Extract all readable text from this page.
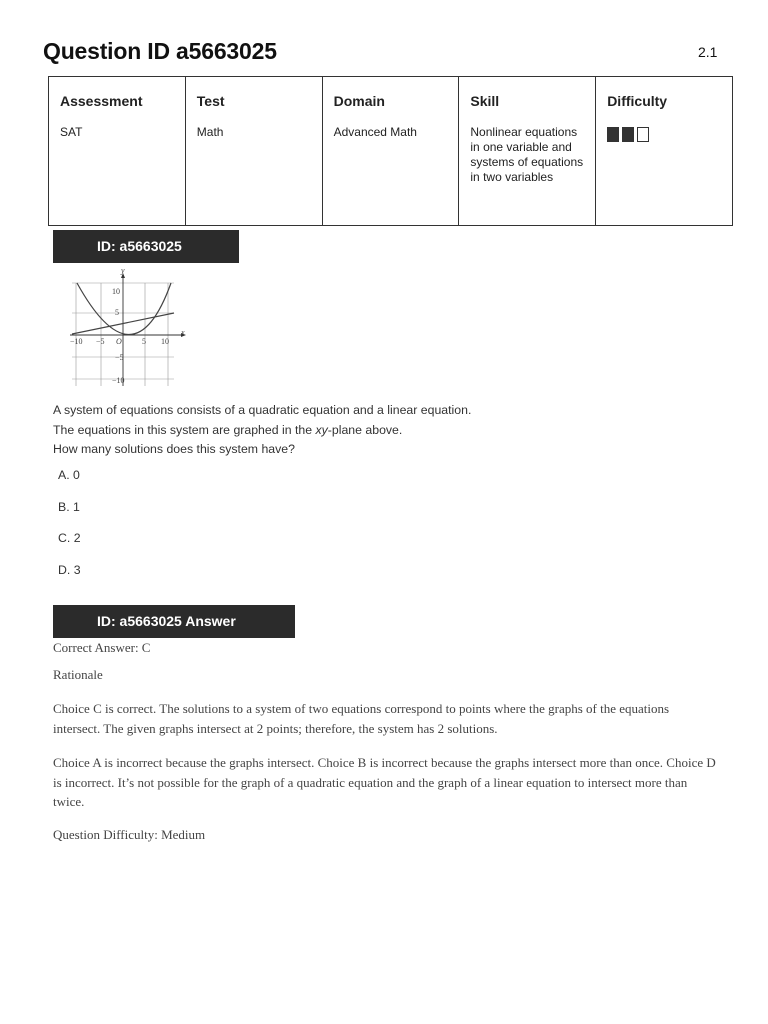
Question ID a5663025	2.1
Assessment	Test	Domain	Skill	Difficulty
SAT	Math	Advanced Math	Nonlinear equations in one variable and systems of equations in two variables	
ID: a5663025
x
y
10
5
−5
−10
−10 −5	5 10
O

A system of equations consists of a quadratic equation and a linear equation. The equations in this system are graphed in the xy-plane above.
How many solutions does this system have?

A. 0
B. 1
C. 2
D. 3
ID: a5663025 Answer

Correct Answer: C

Rationale

Choice C is correct. The solutions to a system of two equations correspond to points where the graphs of the equations intersect. The given graphs intersect at 2 points; therefore, the system has 2 solutions.

Choice A is incorrect because the graphs intersect. Choice B is incorrect because the graphs intersect more than once. Choice D is incorrect. It’s not possible for the graph of a quadratic equation and the graph of a linear equation to intersect more than twice.

Question Difficulty: Medium
